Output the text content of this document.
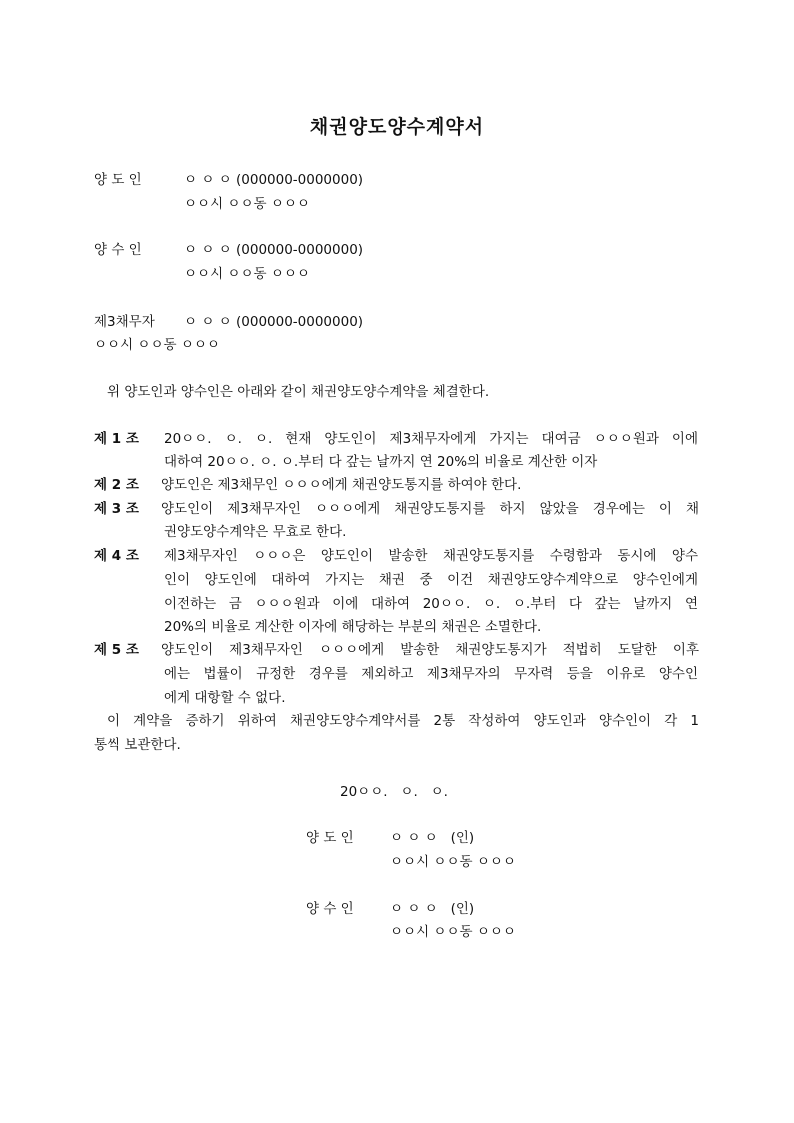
채권양도양수계약서
양 도 인	ㅇ ㅇ ㅇ (000000-0000000)
ㅇㅇ시 ㅇㅇ동 ㅇㅇㅇ
양 수 인	ㅇ ㅇ ㅇ (000000-0000000)
ㅇㅇ시 ㅇㅇ동 ㅇㅇㅇ
제3채무자 ㅇ ㅇ ㅇ (000000-0000000)
ㅇㅇ시 ㅇㅇ동 ㅇㅇㅇ
위 양도인과 양수인은 아래와 같이 채권양도양수계약을 체결한다.
제 1 조 20ㅇㅇ. ㅇ. ㅇ. 현재 양도인이 제3채무자에게 가지는 대여금 ㅇㅇㅇ원과 이에
대하여 20ㅇㅇ. ㅇ. ㅇ.부터 다 갚는 날까지 연 20%의 비율로 계산한 이자
제 2 조 양도인은 제3채무인 ㅇㅇㅇ에게 채권양도통지를 하여야 한다.
제 3 조 양도인이 제3채무자인 ㅇㅇㅇ에게 채권양도통지를 하지 않았을 경우에는 이 채
권양도양수계약은 무효로 한다.
제 4 조 제3채무자인 ㅇㅇㅇ은 양도인이 발송한 채권양도통지를 수령함과 동시에 양수
인이 양도인에 대하여 가지는 채권 중 이건 채권양도양수계약으로 양수인에게
이전하는 금 ㅇㅇㅇ원과 이에 대하여 20ㅇㅇ. ㅇ. ㅇ.부터 다 갚는 날까지 연
20%의 비율로 계산한 이자에 해당하는 부분의 채권은 소멸한다.
제 5 조 양도인이 제3채무자인 ㅇㅇㅇ에게 발송한 채권양도통지가 적법히 도달한 이후
에는 법률이 규정한 경우를 제외하고 제3채무자의 무자력 등을 이유로 양수인
에게 대항할 수 없다.
이 계약을 증하기 위하여 채권양도양수계약서를 2통 작성하여 양도인과 양수인이 각 1
통씩 보관한다.
20ㅇㅇ.   ㅇ.   ㅇ.
양 도 인	ㅇ ㅇ ㅇ   (인)
ㅇㅇ시 ㅇㅇ동 ㅇㅇㅇ
양 수 인	ㅇ ㅇ ㅇ   (인)
ㅇㅇ시 ㅇㅇ동 ㅇㅇㅇ
